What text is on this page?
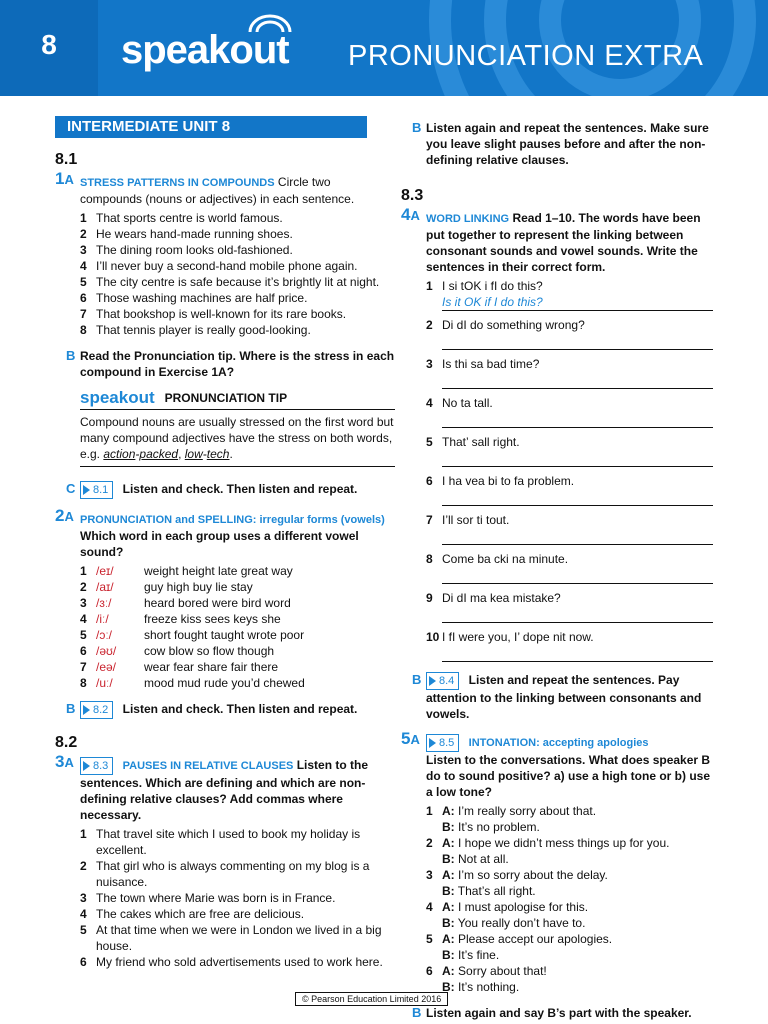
8	speakout PRONUNCIATION EXTRA
INTERMEDIATE UNIT 8
8.1
1A STRESS PATTERNS IN COMPOUNDS Circle two compounds (nouns or adjectives) in each sentence.
1 That sports centre is world famous.
2 He wears hand-made running shoes.
3 The dining room looks old-fashioned.
4 I’ll never buy a second-hand mobile phone again.
5 The city centre is safe because it’s brightly lit at night.
6 Those washing machines are half price.
7 That bookshop is well-known for its rare books.
8 That tennis player is really good-looking.
B Read the Pronunciation tip. Where is the stress in each compound in Exercise 1A?
speakout PRONUNCIATION TIP
Compound nouns are usually stressed on the first word but many compound adjectives have the stress on both words, e.g. action-packed, low-tech.
C 8.1 Listen and check. Then listen and repeat.
2A PRONUNCIATION and SPELLING: irregular forms (vowels) Which word in each group uses a different vowel sound?
1 /eɪ/	weight height late great way
2 /aɪ/	guy high buy lie stay
3 /ɜː/	heard bored were bird word
4 /iː/	freeze kiss sees keys she
5 /ɔː/	short fought taught wrote poor
6 /əʊ/ cow blow so flow though
7 /eə/ wear fear share fair there
8 /uː/	mood mud rude you’d chewed
B 8.2 Listen and check. Then listen and repeat.
8.2
3A 8.3 PAUSES IN RELATIVE CLAUSES Listen to the sentences. Which are defining and which are non-defining relative clauses? Add commas where necessary.
1 That travel site which I used to book my holiday is excellent.
2 That girl who is always commenting on my blog is a nuisance.
3 The town where Marie was born is in France.
4 The cakes which are free are delicious.
5 At that time when we were in London we lived in a big house.
6 My friend who sold advertisements used to work here.
B Listen again and repeat the sentences. Make sure you leave slight pauses before and after the non-defining relative clauses.
8.3
4A WORD LINKING Read 1–10. The words have been put together to represent the linking between consonant sounds and vowel sounds. Write the sentences in their correct form.
1 I si tOK i fI do this?
Is it OK if I do this?
2 Di dI do something wrong?
3 Is thi sa bad time?
4 No ta tall.
5 That’ sall right.
6 I ha vea bi to fa problem.
7 I’ll sor ti tout.
8 Come ba cki na minute.
9 Di dI ma kea mistake?
10 I fI were you, I’ dope nit now.
B 8.4 Listen and repeat the sentences. Pay attention to the linking between consonants and vowels.
5A 8.5 INTONATION: accepting apologies
Listen to the conversations. What does speaker B do to sound positive? a) use a high tone or b) use a low tone?
1 A: I’m really sorry about that.
B: It’s no problem.
2 A: I hope we didn’t mess things up for you.
B: Not at all.
3 A: I’m so sorry about the delay.
B: That’s all right.
4 A: I must apologise for this.
B: You really don’t have to.
5 A: Please accept our apologies.
B: It’s fine.
6 A: Sorry about that!
B: It’s nothing.
B Listen again and say B’s part with the speaker.
© Pearson Education Limited 2016
